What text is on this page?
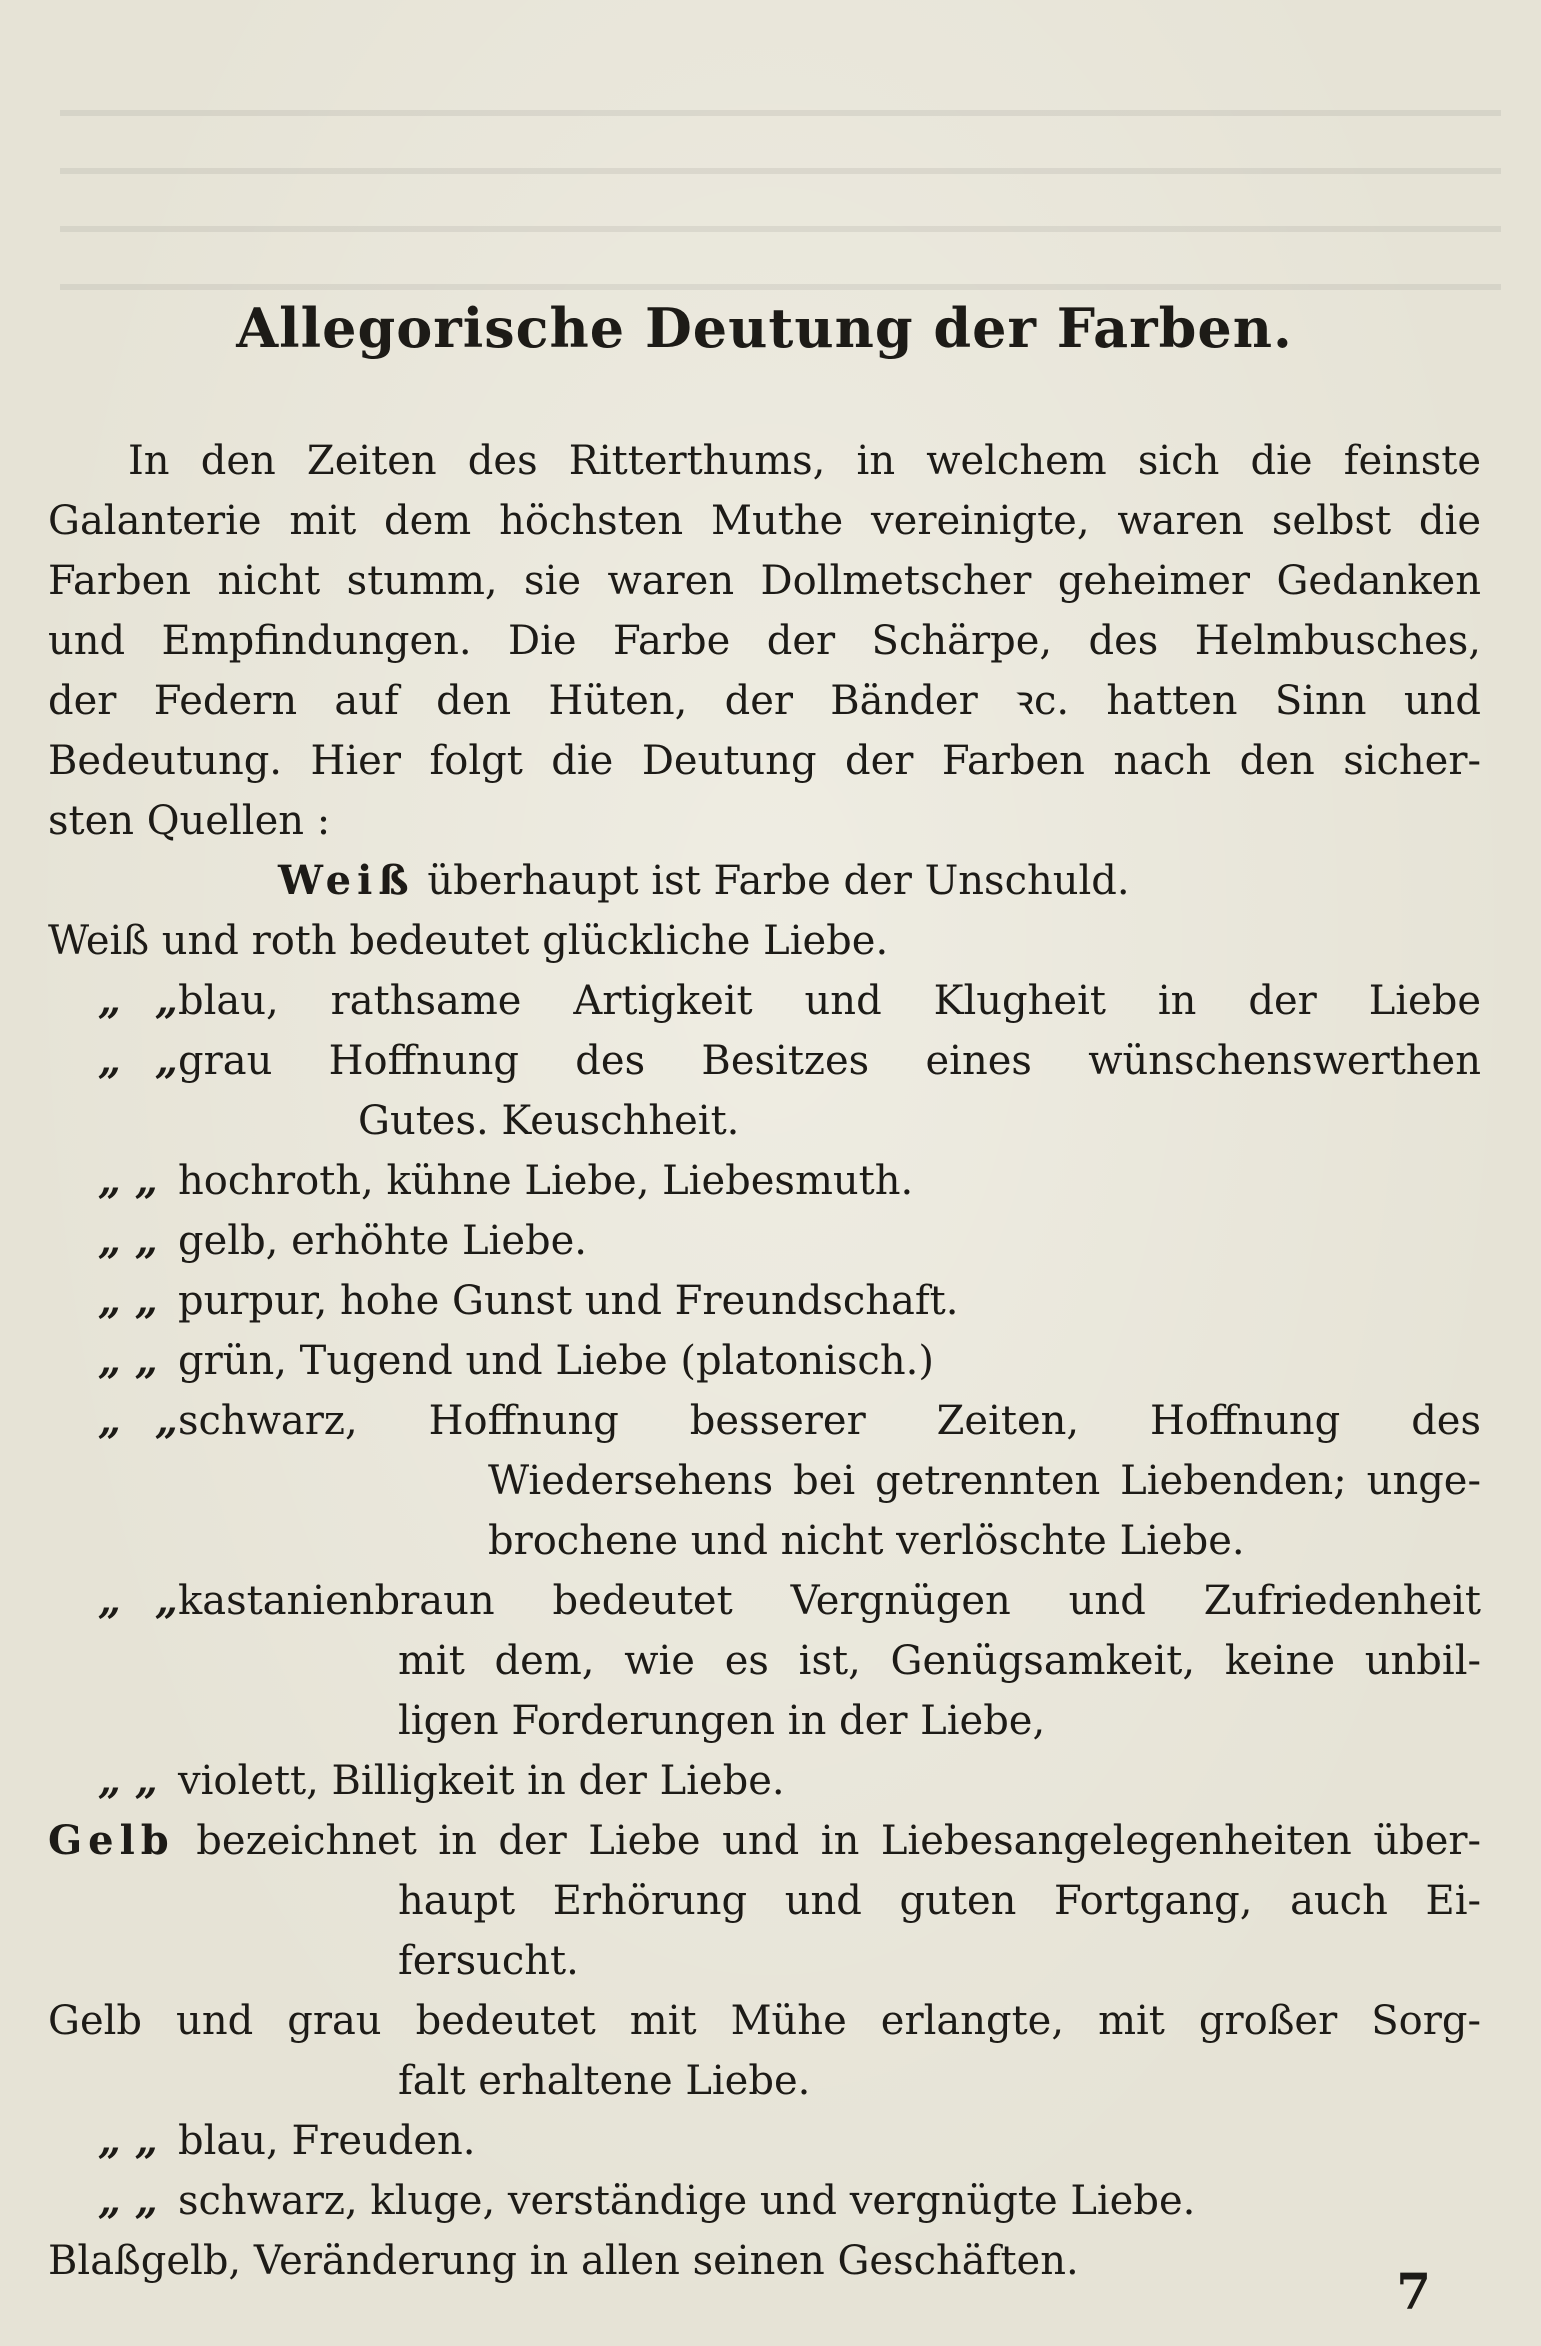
Allegorische Deutung der Farben.
In den Zeiten des Ritterthums, in welchem sich die feinste
Galanterie mit dem höchsten Muthe vereinigte, waren selbst die
Farben nicht stumm, sie waren Dollmetscher geheimer Gedanken
und Empfindungen. Die Farbe der Schärpe, des Helmbusches,
der Federn auf den Hüten, der Bänder ꝛc. hatten Sinn und
Bedeutung. Hier folgt die Deutung der Farben nach den sicher-
sten Quellen :
Weiß überhaupt ist Farbe der Unschuld.
Weiß und roth bedeutet glückliche Liebe.
„ „blau, rathsame Artigkeit und Klugheit in der Liebe
„ „grau Hoffnung des Besitzes eines wünschenswerthen
Gutes. Keuschheit.
„ „ hochroth, kühne Liebe, Liebesmuth.
„ „ gelb, erhöhte Liebe.
„ „ purpur, hohe Gunst und Freundschaft.
„ „ grün, Tugend und Liebe (platonisch.)
„ „schwarz, Hoffnung besserer Zeiten, Hoffnung des
Wiedersehens bei getrennten Liebenden; unge-
brochene und nicht verlöschte Liebe.
„ „kastanienbraun bedeutet Vergnügen und Zufriedenheit
mit dem, wie es ist, Genügsamkeit, keine unbil-
ligen Forderungen in der Liebe,
„ „ violett, Billigkeit in der Liebe.
Gelb bezeichnet in der Liebe und in Liebesangelegenheiten über-
haupt Erhörung und guten Fortgang, auch Ei-
fersucht.
Gelb und grau bedeutet mit Mühe erlangte, mit großer Sorg-
falt erhaltene Liebe.
„ „ blau, Freuden.
„ „ schwarz, kluge, verständige und vergnügte Liebe.
Blaßgelb, Veränderung in allen seinen Geschäften.
7
